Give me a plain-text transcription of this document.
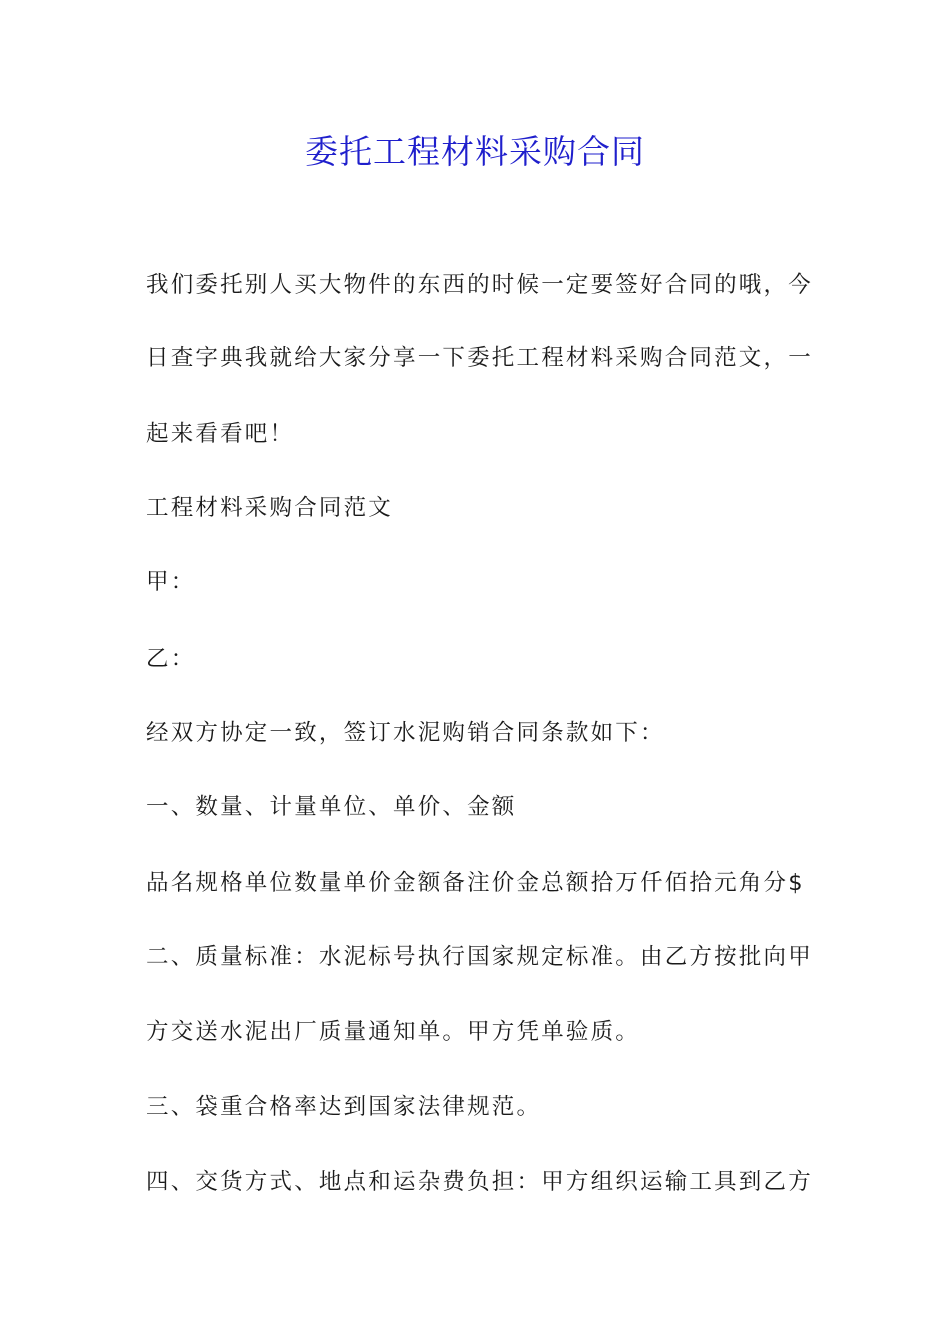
委托工程材料采购合同
我们委托别人买大物件的东西的时候一定要签好合同的哦，今
日查字典我就给大家分享一下委托工程材料采购合同范文，一
起来看看吧！
工程材料采购合同范文
甲：
乙：
经双方协定一致，签订水泥购销合同条款如下：
一、数量、计量单位、单价、金额
品名规格单位数量单价金额备注价金总额拾万仟佰拾元角分$
二、质量标准：水泥标号执行国家规定标准。由乙方按批向甲
方交送水泥出厂质量通知单。甲方凭单验质。
三、袋重合格率达到国家法律规范。
四、交货方式、地点和运杂费负担：甲方组织运输工具到乙方
